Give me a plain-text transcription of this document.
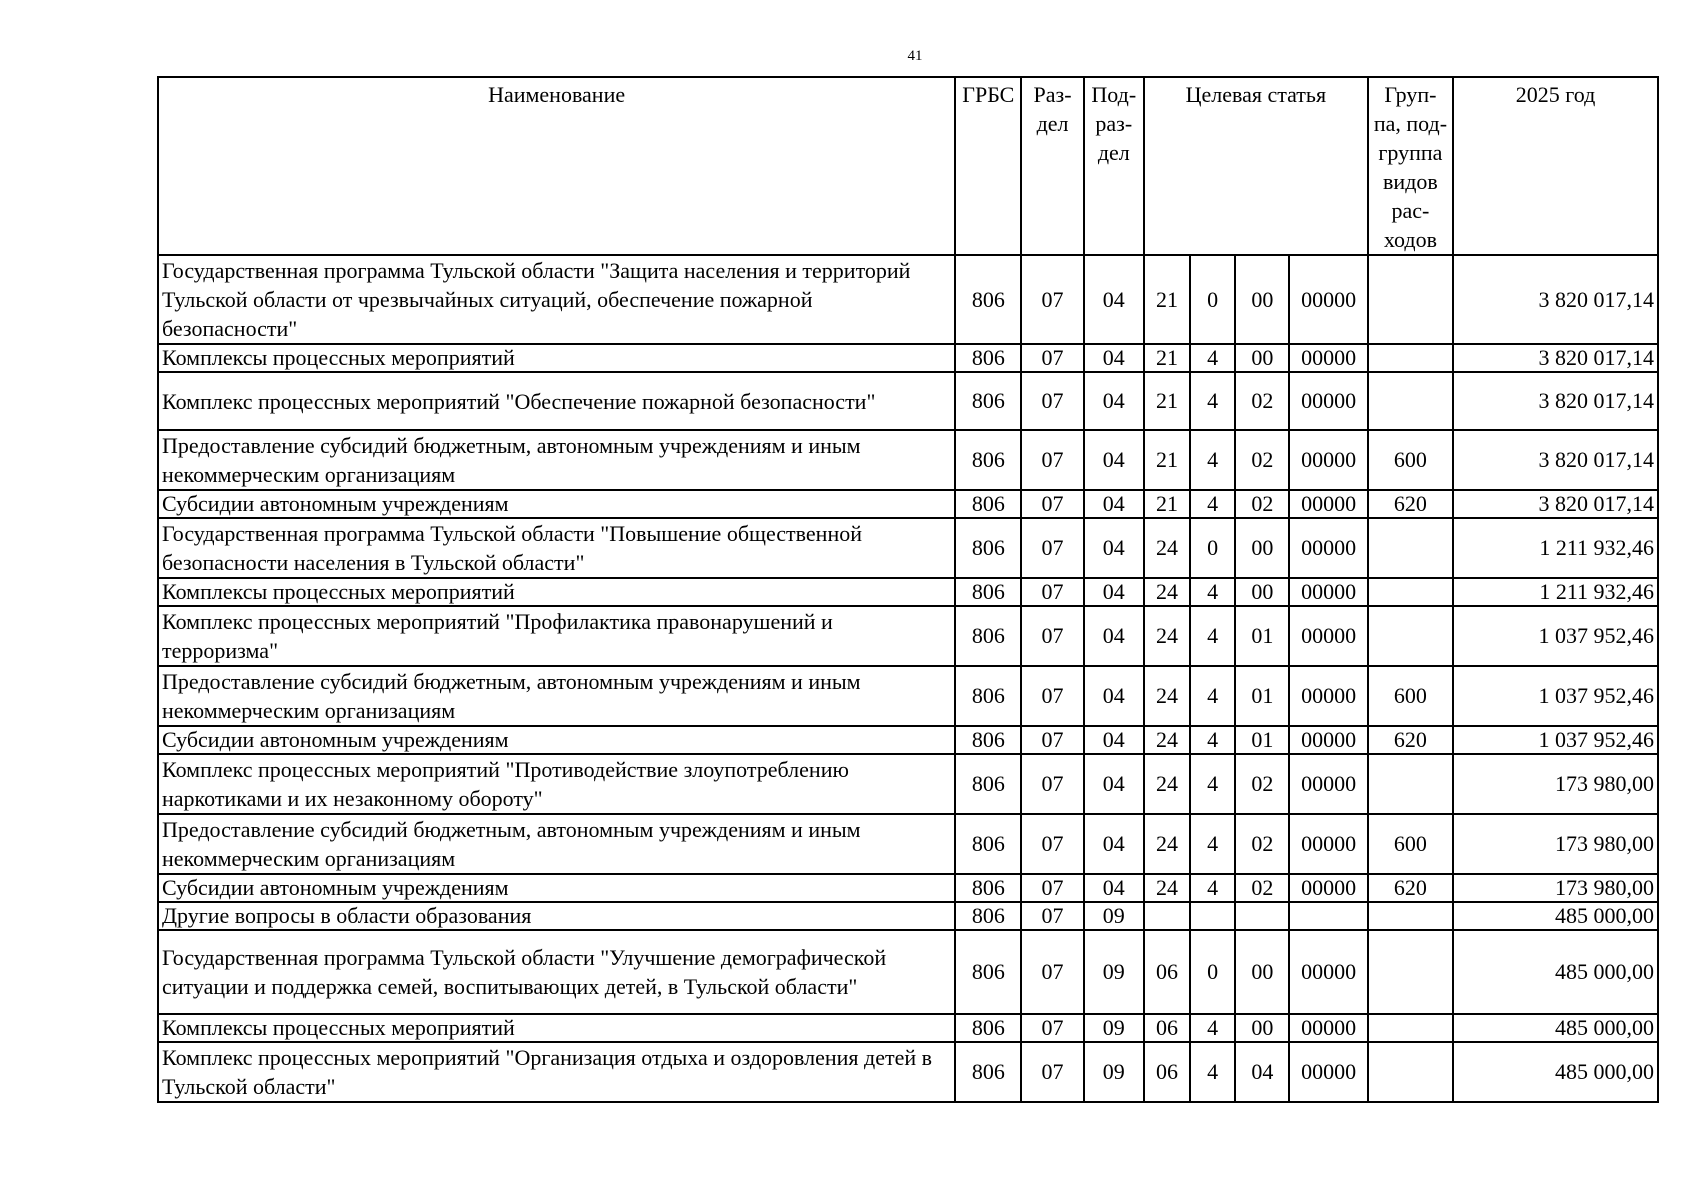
41
Наименование	ГРБС	Раз- дел	Под- раз- дел	Целевая статья				Груп- па, под- группа видов рас- ходов	2025 год
Государственная программа Тульской области "Защита населения и территорий Тульской области от чрезвычайных ситуаций, обеспечение пожарной безопасности"	806	07	04	21	0	00	00000		3 820 017,14
Комплексы процессных мероприятий	806	07	04	21	4	00	00000		3 820 017,14
Комплекс процессных мероприятий "Обеспечение пожарной безопасности"	806	07	04	21	4	02	00000		3 820 017,14
Предоставление субсидий бюджетным, автономным учреждениям и иным некоммерческим организациям	806	07	04	21	4	02	00000	600	3 820 017,14
Субсидии автономным учреждениям	806	07	04	21	4	02	00000	620	3 820 017,14
Государственная программа Тульской области "Повышение общественной безопасности населения в Тульской области"	806	07	04	24	0	00	00000		1 211 932,46
Комплексы процессных мероприятий	806	07	04	24	4	00	00000		1 211 932,46
Комплекс процессных мероприятий "Профилактика правонарушений и терроризма"	806	07	04	24	4	01	00000		1 037 952,46
Предоставление субсидий бюджетным, автономным учреждениям и иным некоммерческим организациям	806	07	04	24	4	01	00000	600	1 037 952,46
Субсидии автономным учреждениям	806	07	04	24	4	01	00000	620	1 037 952,46
Комплекс процессных мероприятий "Противодействие злоупотреблению наркотиками и их незаконному обороту"	806	07	04	24	4	02	00000		173 980,00
Предоставление субсидий бюджетным, автономным учреждениям и иным некоммерческим организациям	806	07	04	24	4	02	00000	600	173 980,00
Субсидии автономным учреждениям	806	07	04	24	4	02	00000	620	173 980,00
Другие вопросы в области образования	806	07	09						485 000,00
Государственная программа Тульской области "Улучшение демографической ситуации и поддержка семей, воспитывающих детей, в Тульской области"	806	07	09	06	0	00	00000		485 000,00
Комплексы процессных мероприятий	806	07	09	06	4	00	00000		485 000,00
Комплекс процессных мероприятий "Организация отдыха и оздоровления детей в Тульской области"	806	07	09	06	4	04	00000		485 000,00
